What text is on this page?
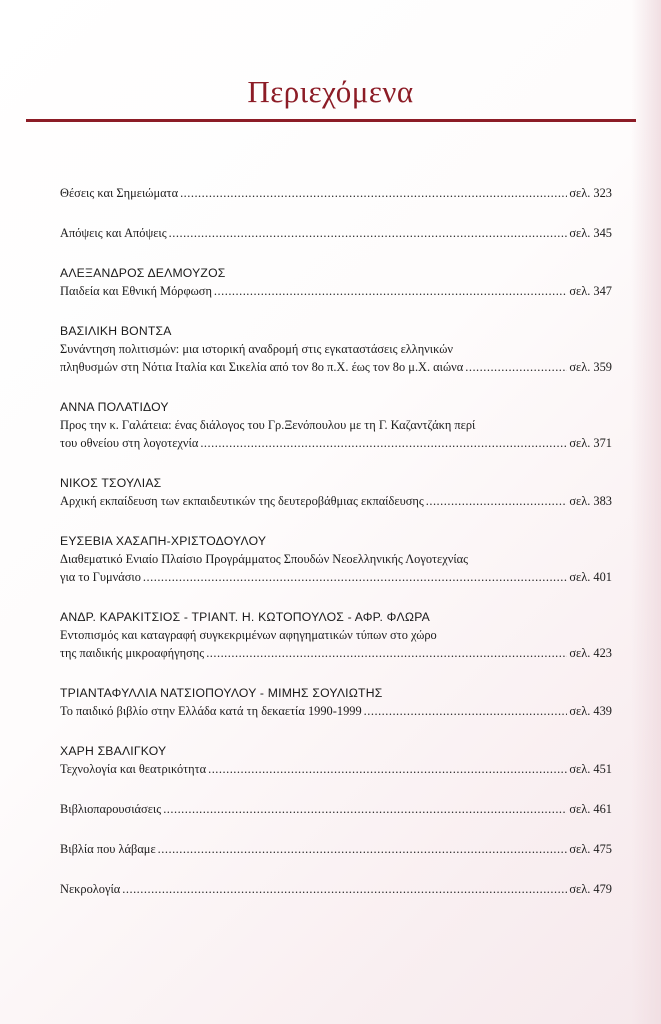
Περιεχόμενα
Θέσεις και Σημειώματα .....	σελ. 323
Απόψεις και Απόψεις .....	σελ. 345
ΑΛΕΞΑΝΔΡΟΣ ΔΕΛΜΟΥΖΟΣ
Παιδεία και Εθνική Μόρφωση .....	σελ. 347
ΒΑΣΙΛΙΚΗ ΒΟΝΤΣΑ
Συνάντηση πολιτισμών: μια ιστορική αναδρομή στις εγκαταστάσεις ελληνικών
πληθυσμών στη Νότια Ιταλία και Σικελία από τον 8ο π.Χ. έως τον 8ο μ.Χ. αιώνα .....	σελ. 359
ΑΝΝΑ ΠΟΛΑΤΙΔΟΥ
Προς την κ. Γαλάτεια: ένας διάλογος του Γρ.Ξενόπουλου με τη Γ. Καζαντζάκη περί
του οθνείου στη λογοτεχνία .....	σελ. 371
ΝΙΚΟΣ ΤΣΟΥΛΙΑΣ
Αρχική εκπαίδευση των εκπαιδευτικών της δευτεροβάθμιας εκπαίδευσης .....	σελ. 383
ΕΥΣΕΒΙΑ ΧΑΣΑΠΗ-ΧΡΙΣΤΟΔΟΥΛΟΥ
Διαθεματικό Ενιαίο Πλαίσιο Προγράμματος Σπουδών Νεοελληνικής Λογοτεχνίας
για το Γυμνάσιο .....	σελ. 401
ΑΝΔΡ. ΚΑΡΑΚΙΤΣΙΟΣ - ΤΡΙΑΝΤ. Η. ΚΩΤΟΠΟΥΛΟΣ - ΑΦΡ. ΦΛΩΡΑ
Εντοπισμός και καταγραφή συγκεκριμένων αφηγηματικών τύπων στο χώρο
της παιδικής μικροαφήγησης .....	σελ. 423
ΤΡΙΑΝΤΑΦΥΛΛΙΑ ΝΑΤΣΙΟΠΟΥΛΟΥ - ΜΙΜΗΣ ΣΟΥΛΙΩΤΗΣ
Το παιδικό βιβλίο στην Ελλάδα κατά τη δεκαετία 1990-1999 .....	σελ. 439
ΧΑΡΗ ΣΒΑΛΙΓΚΟΥ
Τεχνολογία και θεατρικότητα .....	σελ. 451
Βιβλιοπαρουσιάσεις .....	σελ. 461
Βιβλία που λάβαμε .....	σελ. 475
Νεκρολογία .....	σελ. 479
